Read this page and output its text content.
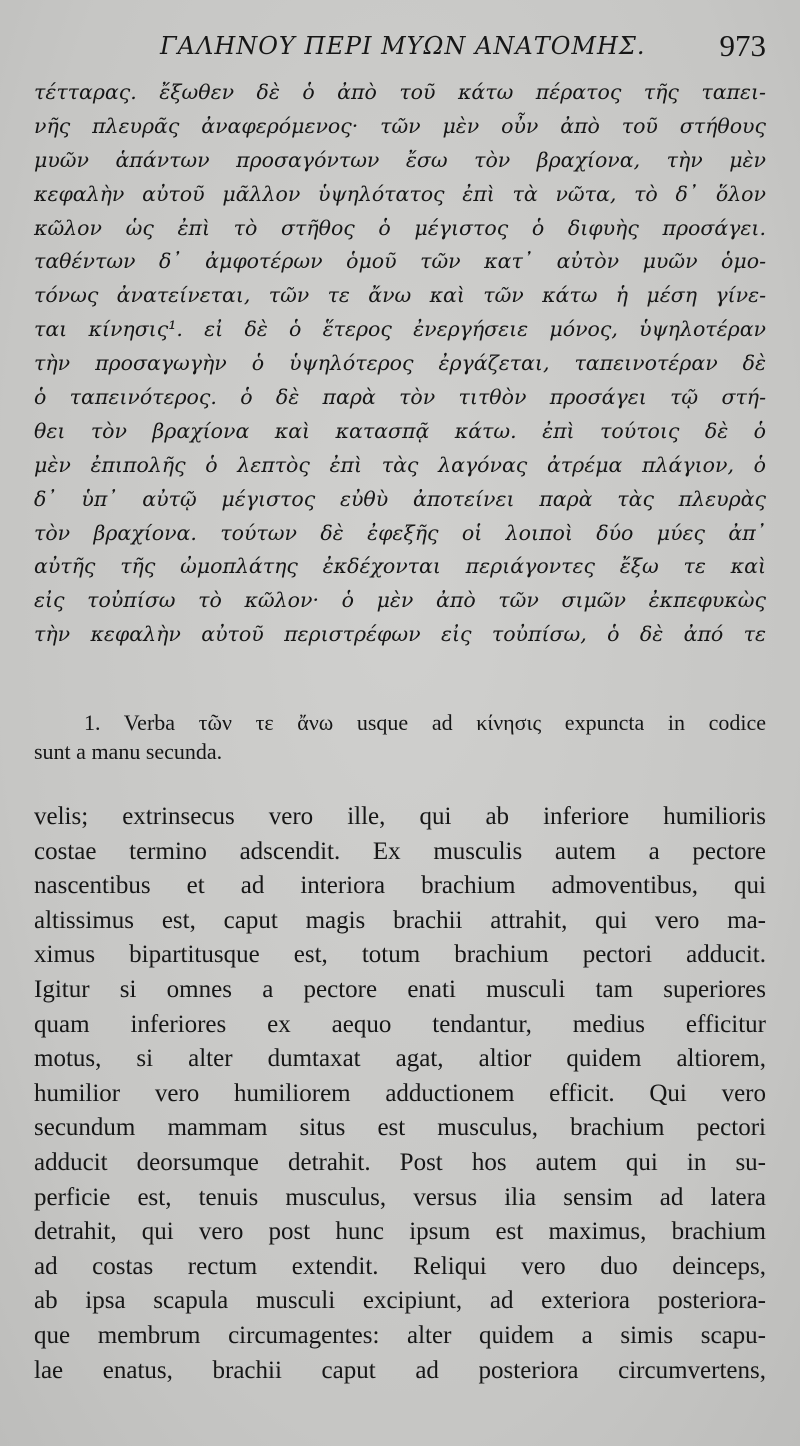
ΓΑΛΗΝΟΥ ΠΕΡΙ ΜΥΩΝ ΑΝΑΤΟΜΗΣ. 973
τέτταρας. ἔξωθεν δὲ ὁ ἀπὸ τοῦ κάτω πέρατος τῆς ταπει-
νῆς πλευρᾶς ἀναφερόμενος· τῶν μὲν οὖν ἀπὸ τοῦ στήθους
μυῶν ἁπάντων προσαγόντων ἔσω τὸν βραχίονα, τὴν μὲν
κεφαλὴν αὐτοῦ μᾶλλον ὑψηλότατος ἐπὶ τὰ νῶτα, τὸ δ᾽ ὅλον
κῶλον ὡς ἐπὶ τὸ στῆθος ὁ μέγιστος ὁ διφυὴς προσάγει.
ταθέντων δ᾽ ἀμφοτέρων ὁμοῦ τῶν κατ᾽ αὐτὸν μυῶν ὁμο-
τόνως ἀνατείνεται, τῶν τε ἄνω καὶ τῶν κάτω ἡ μέση γίνε-
ται κίνησις¹. εἰ δὲ ὁ ἕτερος ἐνεργήσειε μόνος, ὑψηλοτέραν
τὴν προσαγωγὴν ὁ ὑψηλότερος ἐργάζεται, ταπεινοτέραν δὲ
ὁ ταπεινότερος. ὁ δὲ παρὰ τὸν τιτθὸν προσάγει τῷ στή-
θει τὸν βραχίονα καὶ κατασπᾷ κάτω. ἐπὶ τούτοις δὲ ὁ
μὲν ἐπιπολῆς ὁ λεπτὸς ἐπὶ τὰς λαγόνας ἀτρέμα πλάγιον, ὁ
δ᾽ ὑπ᾽ αὐτῷ μέγιστος εὐθὺ ἀποτείνει παρὰ τὰς πλευρὰς
τὸν βραχίονα. τούτων δὲ ἐφεξῆς οἱ λοιποὶ δύο μύες ἀπ᾽
αὐτῆς τῆς ὠμοπλάτης ἐκδέχονται περιάγοντες ἔξω τε καὶ
εἰς τοὐπίσω τὸ κῶλον· ὁ μὲν ἀπὸ τῶν σιμῶν ἐκπεφυκὼς
τὴν κεφαλὴν αὐτοῦ περιστρέφων εἰς τοὐπίσω, ὁ δὲ ἀπό τε
1. Verba τῶν τε ἄνω usque ad κίνησις expuncta in codice
sunt a manu secunda.
velis; extrinsecus vero ille, qui ab inferiore humilioris
costae termino adscendit. Ex musculis autem a pectore
nascentibus et ad interiora brachium admoventibus, qui
altissimus est, caput magis brachii attrahit, qui vero ma-
ximus bipartitusque est, totum brachium pectori adducit.
Igitur si omnes a pectore enati musculi tam superiores
quam inferiores ex aequo tendantur, medius efficitur
motus, si alter dumtaxat agat, altior quidem altiorem,
humilior vero humiliorem adductionem efficit. Qui vero
secundum mammam situs est musculus, brachium pectori
adducit deorsumque detrahit. Post hos autem qui in su-
perficie est, tenuis musculus, versus ilia sensim ad latera
detrahit, qui vero post hunc ipsum est maximus, brachium
ad costas rectum extendit. Reliqui vero duo deinceps,
ab ipsa scapula musculi excipiunt, ad exteriora posteriora-
que membrum circumagentes: alter quidem a simis scapu-
lae enatus, brachii caput ad posteriora circumvertens,
